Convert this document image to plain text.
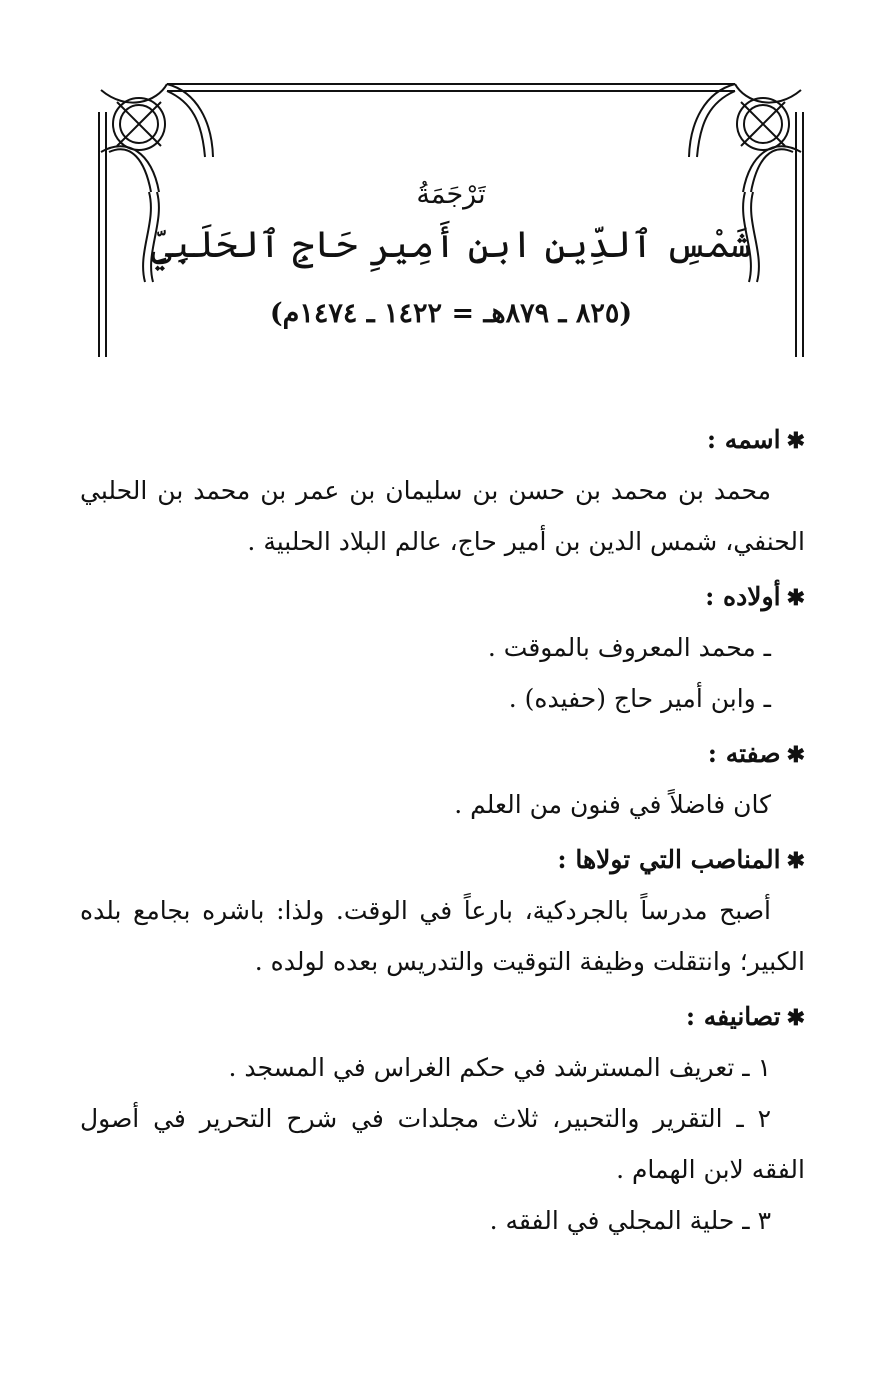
تَرْجَمَةُ

شَمْسِ ٱلدِّينِ ابنِ أَمِيرِ حَاجِ ٱلحَلَبِيِّ

(٨٢٥ ـ ٨٧٩هـ = ١٤٢٢ ـ ١٤٧٤م)

✱اسمه :

محمد بن محمد بن حسن بن سليمان بن عمر بن محمد بن الحلبي الحنفي، شمس الدين بن أمير حاج، عالم البلاد الحلبية .

✱أولاده :

ـ محمد المعروف بالموقت .

ـ وابن أمير حاج (حفيده) .

✱صفته :

كان فاضلاً في فنون من العلم .

✱المناصب التي تولاها :

أصبح مدرساً بالجردكية، بارعاً في الوقت. ولذا: باشره بجامع بلده الكبير؛ وانتقلت وظيفة التوقيت والتدريس بعده لولده .

✱تصانيفه :

١ ـ تعريف المسترشد في حكم الغراس في المسجد .

٢ ـ التقرير والتحبير، ثلاث مجلدات في شرح التحرير في أصول الفقه لابن الهمام .

٣ ـ حلية المجلي في الفقه .
